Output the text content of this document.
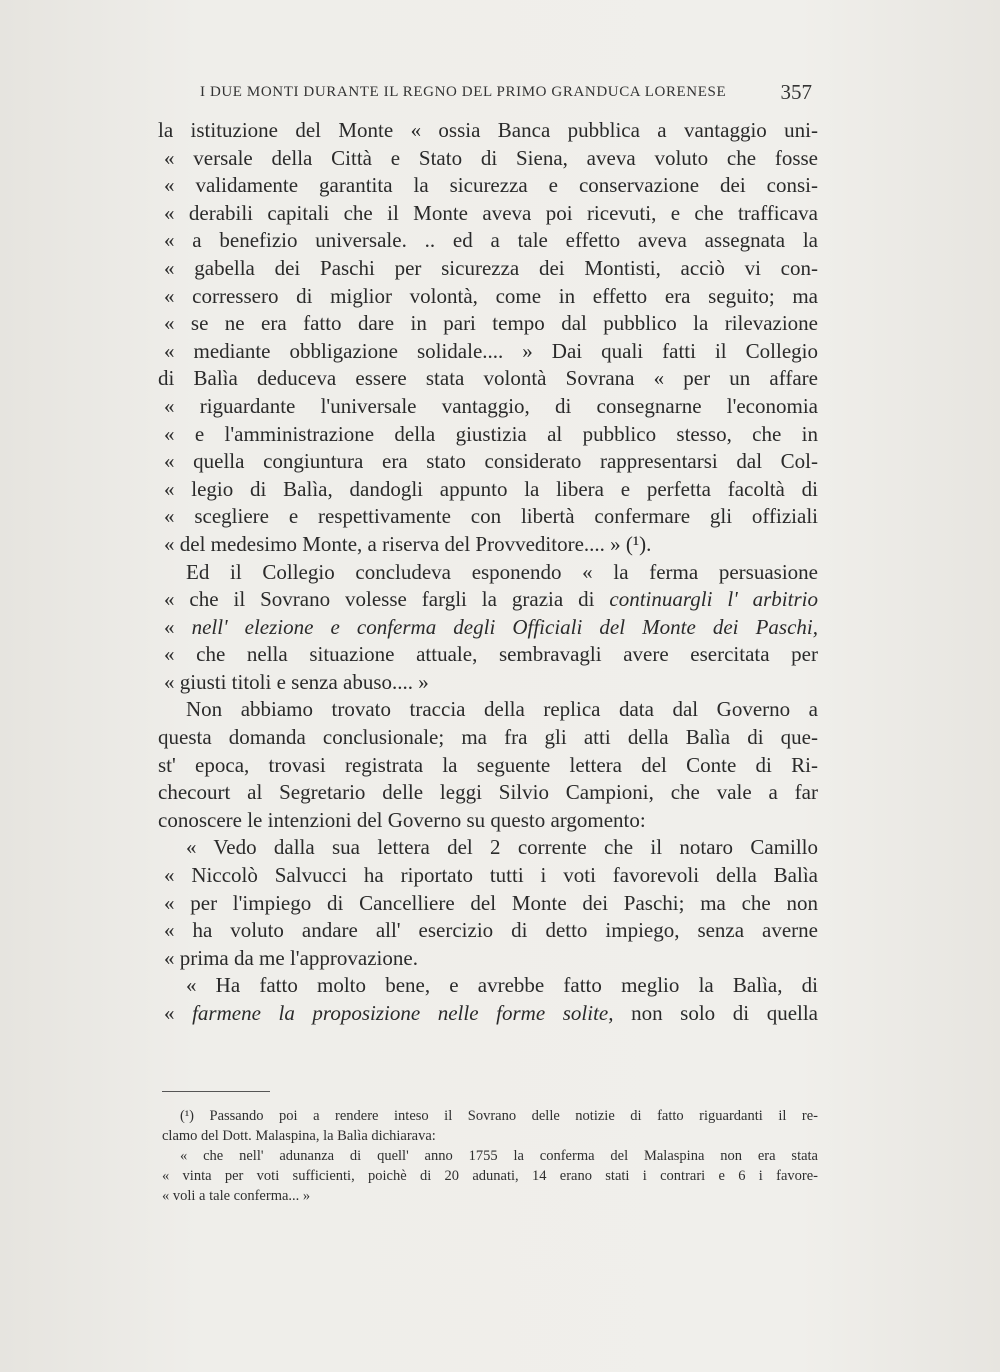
I DUE MONTI DURANTE IL REGNO DEL PRIMO GRANDUCA LORENESE	357
la istituzione del Monte « ossia Banca pubblica a vantaggio uni-
« versale della Città e Stato di Siena, aveva voluto che fosse
« validamente garantita la sicurezza e conservazione dei consi-
« derabili capitali che il Monte aveva poi ricevuti, e che trafficava
« a benefizio universale. .. ed a tale effetto aveva assegnata la
« gabella dei Paschi per sicurezza dei Montisti, acciò vi con-
« corressero di miglior volontà, come in effetto era seguito; ma
« se ne era fatto dare in pari tempo dal pubblico la rilevazione
« mediante obbligazione solidale.... » Dai quali fatti il Collegio
di Balìa deduceva essere stata volontà Sovrana « per un affare
« riguardante l'universale vantaggio, di consegnarne l'economia
« e l'amministrazione della giustizia al pubblico stesso, che in
« quella congiuntura era stato considerato rappresentarsi dal Col-
« legio di Balìa, dandogli appunto la libera e perfetta facoltà di
« scegliere e respettivamente con libertà confermare gli offiziali
« del medesimo Monte, a riserva del Provveditore.... » (¹).
Ed il Collegio concludeva esponendo « la ferma persuasione
« che il Sovrano volesse fargli la grazia di continuargli l' arbitrio
« nell' elezione e conferma degli Officiali del Monte dei Paschi,
« che nella situazione attuale, sembravagli avere esercitata per
« giusti titoli e senza abuso.... »
Non abbiamo trovato traccia della replica data dal Governo a
questa domanda conclusionale; ma fra gli atti della Balìa di que-
st' epoca, trovasi registrata la seguente lettera del Conte di Ri-
checourt al Segretario delle leggi Silvio Campioni, che vale a far
conoscere le intenzioni del Governo su questo argomento:
« Vedo dalla sua lettera del 2 corrente che il notaro Camillo
« Niccolò Salvucci ha riportato tutti i voti favorevoli della Balìa
« per l'impiego di Cancelliere del Monte dei Paschi; ma che non
« ha voluto andare all' esercizio di detto impiego, senza averne
« prima da me l'approvazione.
« Ha fatto molto bene, e avrebbe fatto meglio la Balìa, di
« farmene la proposizione nelle forme solite, non solo di quella
(¹) Passando poi a rendere inteso il Sovrano delle notizie di fatto riguardanti il re-
clamo del Dott. Malaspina, la Balìa dichiarava:
« che nell' adunanza di quell' anno 1755 la conferma del Malaspina non era stata
« vinta per voti sufficienti, poichè di 20 adunati, 14 erano stati i contrari e 6 i favore-
« voli a tale conferma... »
